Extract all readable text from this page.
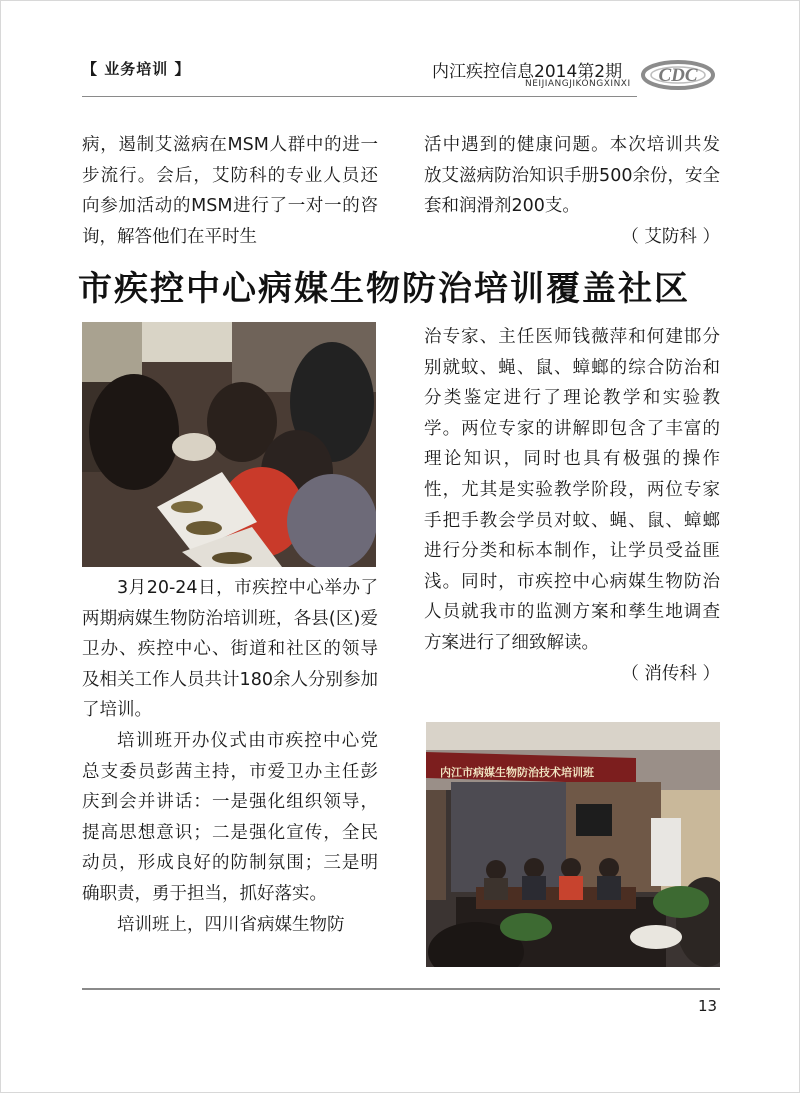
【 业务培训 】	内江疾控信息2014第2期
NEIJIANGJIKONGXINXI CDC

病，遏制艾滋病在MSM人群中的进一步流行。会后，艾防科的专业人员还向参加活动的MSM进行了一对一的咨询，解答他们在平时生

活中遇到的健康问题。本次培训共发放艾滋病防治知识手册500余份，安全套和润滑剂200支。

（ 艾防科 ）

市疾控中心病媒生物防治培训覆盖社区

3月20-24日，市疾控中心举办了两期病媒生物防治培训班，各县(区)爱卫办、疾控中心、街道和社区的领导及相关工作人员共计180余人分别参加了培训。

培训班开办仪式由市疾控中心党总支委员彭茜主持，市爱卫办主任彭庆到会并讲话：一是强化组织领导，提高思想意识；二是强化宣传，全民动员，形成良好的防制氛围；三是明确职责，勇于担当，抓好落实。

培训班上，四川省病媒生物防

治专家、主任医师钱薇萍和何建邯分别就蚊、蝇、鼠、蟑螂的综合防治和分类鉴定进行了理论教学和实验教学。两位专家的讲解即包含了丰富的理论知识，同时也具有极强的操作性，尤其是实验教学阶段，两位专家手把手教会学员对蚊、蝇、鼠、蟑螂进行分类和标本制作，让学员受益匪浅。同时，市疾控中心病媒生物防治人员就我市的监测方案和孳生地调查方案进行了细致解读。

（ 消传科 ）

内江市病媒生物防治技术培训班
13
